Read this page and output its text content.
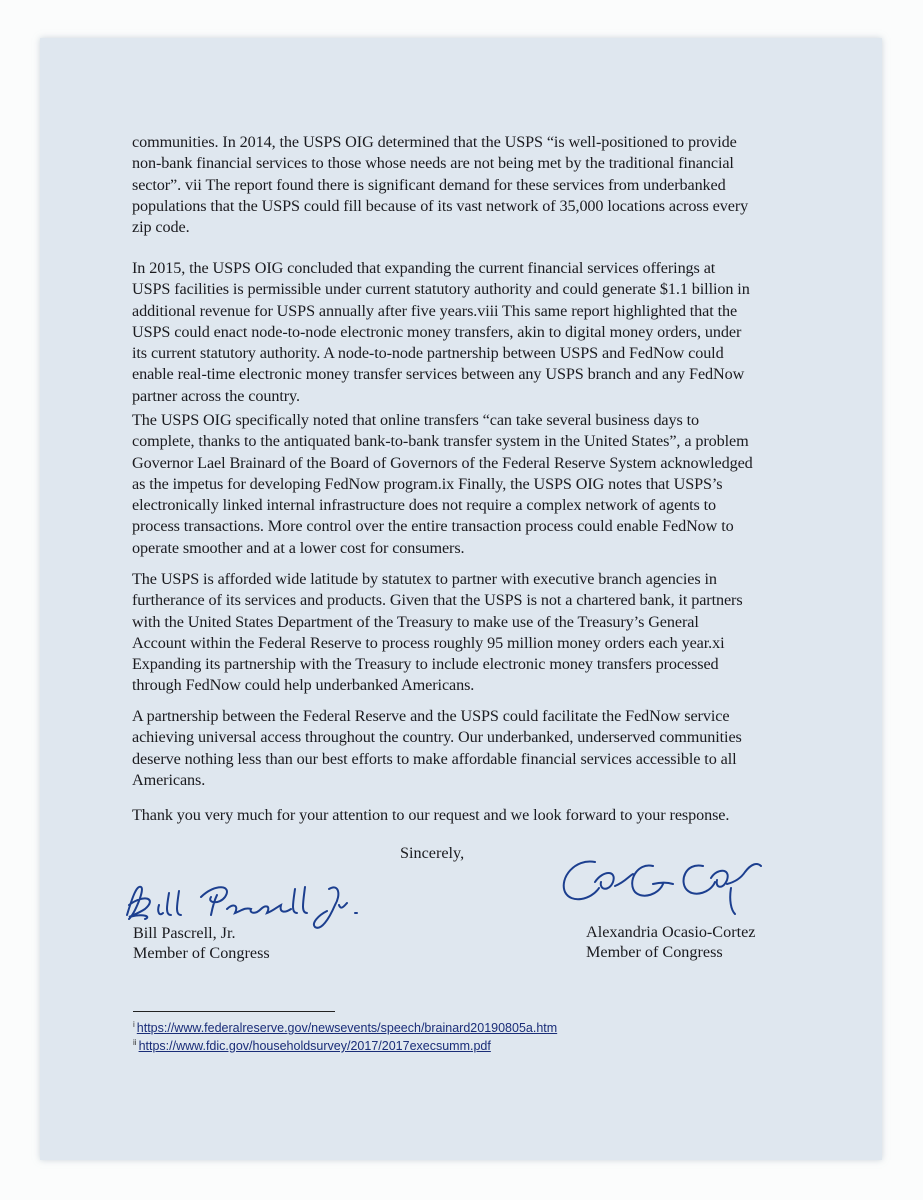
communities. In 2014, the USPS OIG determined that the USPS “is well-positioned to provide
non-bank financial services to those whose needs are not being met by the traditional financial
sector”. vii The report found there is significant demand for these services from underbanked
populations that the USPS could fill because of its vast network of 35,000 locations across every
zip code.
In 2015, the USPS OIG concluded that expanding the current financial services offerings at
USPS facilities is permissible under current statutory authority and could generate $1.1 billion in
additional revenue for USPS annually after five years.viii This same report highlighted that the
USPS could enact node-to-node electronic money transfers, akin to digital money orders, under
its current statutory authority. A node-to-node partnership between USPS and FedNow could
enable real-time electronic money transfer services between any USPS branch and any FedNow
partner across the country.
The USPS OIG specifically noted that online transfers “can take several business days to
complete, thanks to the antiquated bank-to-bank transfer system in the United States”, a problem
Governor Lael Brainard of the Board of Governors of the Federal Reserve System acknowledged
as the impetus for developing FedNow program.ix Finally, the USPS OIG notes that USPS’s
electronically linked internal infrastructure does not require a complex network of agents to
process transactions. More control over the entire transaction process could enable FedNow to
operate smoother and at a lower cost for consumers.
The USPS is afforded wide latitude by statutex to partner with executive branch agencies in
furtherance of its services and products. Given that the USPS is not a chartered bank, it partners
with the United States Department of the Treasury to make use of the Treasury’s General
Account within the Federal Reserve to process roughly 95 million money orders each year.xi
Expanding its partnership with the Treasury to include electronic money transfers processed
through FedNow could help underbanked Americans.
A partnership between the Federal Reserve and the USPS could facilitate the FedNow service
achieving universal access throughout the country. Our underbanked, underserved communities
deserve nothing less than our best efforts to make affordable financial services accessible to all
Americans.
Thank you very much for your attention to our request and we look forward to your response.
Sincerely,
Bill Pascrell, Jr.
Member of Congress
Alexandria Ocasio-Cortez
Member of Congress
$^i$ https://www.federalreserve.gov/newsevents/speech/brainard20190805a.htm
$^{ii}$ https://www.fdic.gov/householdsurvey/2017/2017execsumm.pdf
